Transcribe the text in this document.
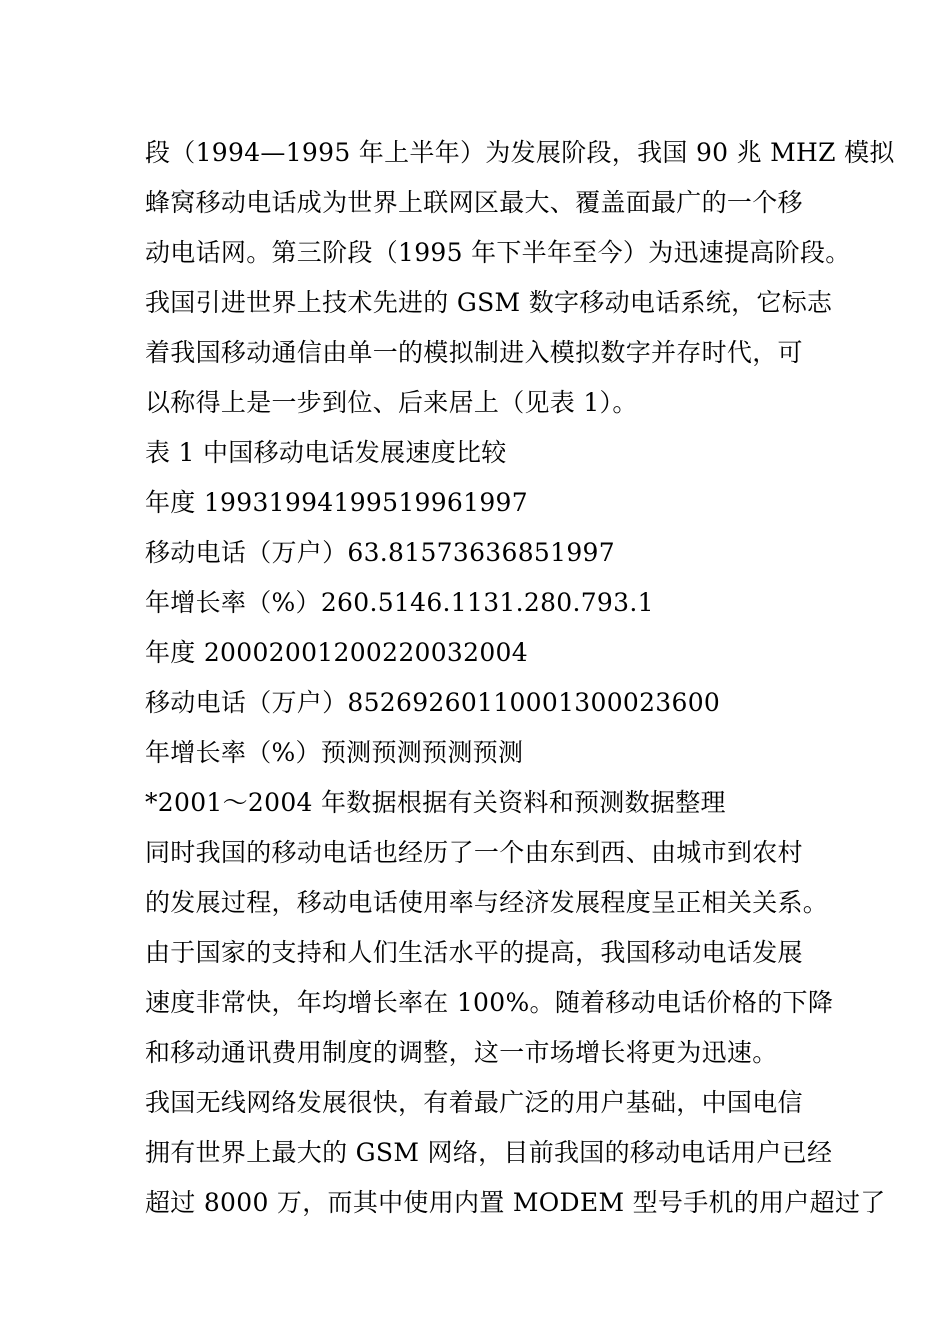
段（1994—1995 年上半年）为发展阶段，我国 90 兆 MHZ 模拟
蜂窝移动电话成为世界上联网区最大、覆盖面最广的一个移
动电话网。第三阶段（1995 年下半年至今）为迅速提高阶段。
我国引进世界上技术先进的 GSM 数字移动电话系统，它标志
着我国移动通信由单一的模拟制进入模拟数字并存时代，可
以称得上是一步到位、后来居上（见表 1）。
表 1 中国移动电话发展速度比较
年度 19931994199519961997
移动电话（万户）63.81573636851997
年增长率（%）260.5146.1131.280.793.1
年度 20002001200220032004
移动电话（万户）85269260110001300023600
年增长率（%）预测预测预测预测
*2001～2004 年数据根据有关资料和预测数据整理
同时我国的移动电话也经历了一个由东到西、由城市到农村
的发展过程，移动电话使用率与经济发展程度呈正相关关系。
由于国家的支持和人们生活水平的提高，我国移动电话发展
速度非常快，年均增长率在 100%。随着移动电话价格的下降
和移动通讯费用制度的调整，这一市场增长将更为迅速。
我国无线网络发展很快，有着最广泛的用户基础，中国电信
拥有世界上最大的 GSM 网络，目前我国的移动电话用户已经
超过 8000 万，而其中使用内置 MODEM 型号手机的用户超过了
